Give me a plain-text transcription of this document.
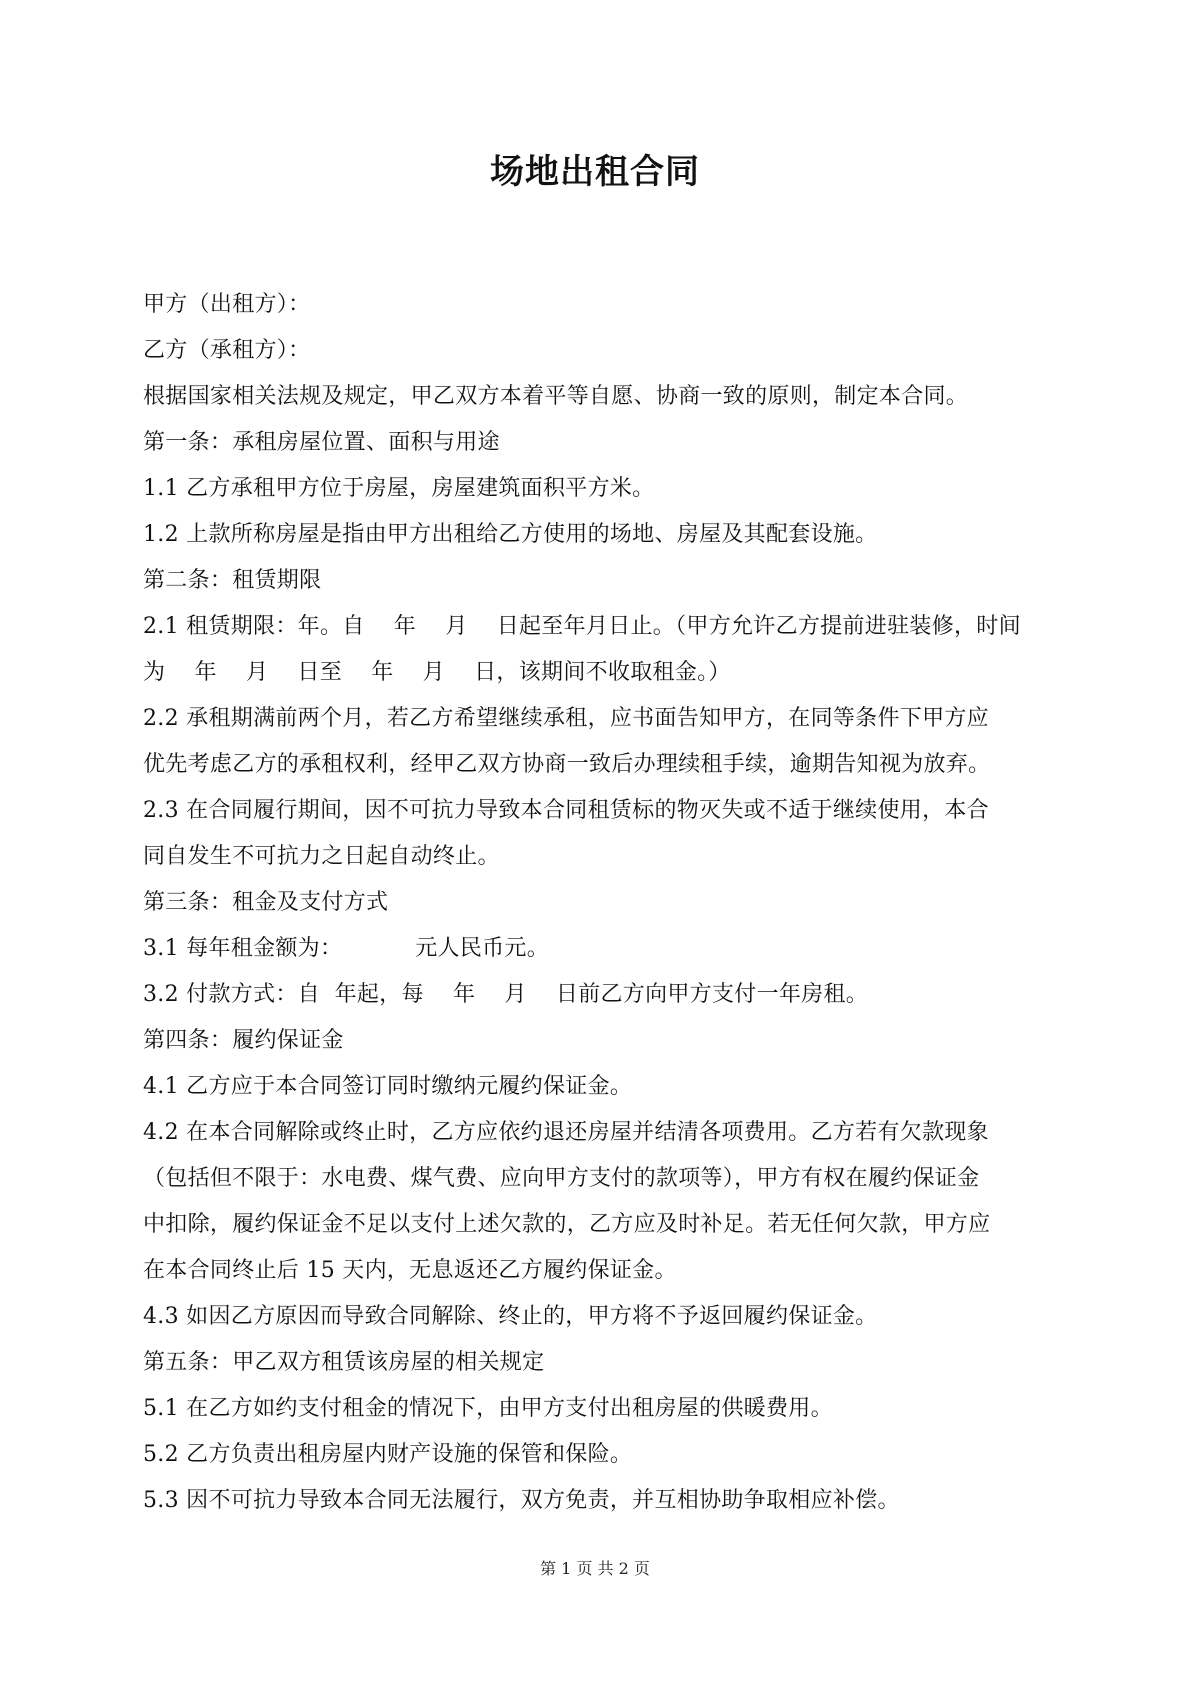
场地出租合同
甲方（出租方）：
乙方（承租方）：
根据国家相关法规及规定，甲乙双方本着平等自愿、协商一致的原则，制定本合同。
第一条：承租房屋位置、面积与用途
1.1 乙方承租甲方位于房屋，房屋建筑面积平方米。
1.2 上款所称房屋是指由甲方出租给乙方使用的场地、房屋及其配套设施。
第二条：租赁期限
2.1 租赁期限：年。自    年    月    日起至年月日止。（甲方允许乙方提前进驻装修，时间
为    年    月    日至    年    月    日，该期间不收取租金。）
2.2 承租期满前两个月，若乙方希望继续承租，应书面告知甲方，在同等条件下甲方应
优先考虑乙方的承租权利，经甲乙双方协商一致后办理续租手续，逾期告知视为放弃。
2.3 在合同履行期间，因不可抗力导致本合同租赁标的物灭失或不适于继续使用，本合
同自发生不可抗力之日起自动终止。
第三条：租金及支付方式
3.1 每年租金额为：          元人民币元。
3.2 付款方式：自  年起，每    年    月    日前乙方向甲方支付一年房租。
第四条：履约保证金
4.1 乙方应于本合同签订同时缴纳元履约保证金。
4.2 在本合同解除或终止时，乙方应依约退还房屋并结清各项费用。乙方若有欠款现象
（包括但不限于：水电费、煤气费、应向甲方支付的款项等），甲方有权在履约保证金
中扣除，履约保证金不足以支付上述欠款的，乙方应及时补足。若无任何欠款，甲方应
在本合同终止后 15 天内，无息返还乙方履约保证金。
4.3 如因乙方原因而导致合同解除、终止的，甲方将不予返回履约保证金。
第五条：甲乙双方租赁该房屋的相关规定
5.1 在乙方如约支付租金的情况下，由甲方支付出租房屋的供暖费用。
5.2 乙方负责出租房屋内财产设施的保管和保险。
5.3 因不可抗力导致本合同无法履行，双方免责，并互相协助争取相应补偿。
第 1 页 共 2 页
